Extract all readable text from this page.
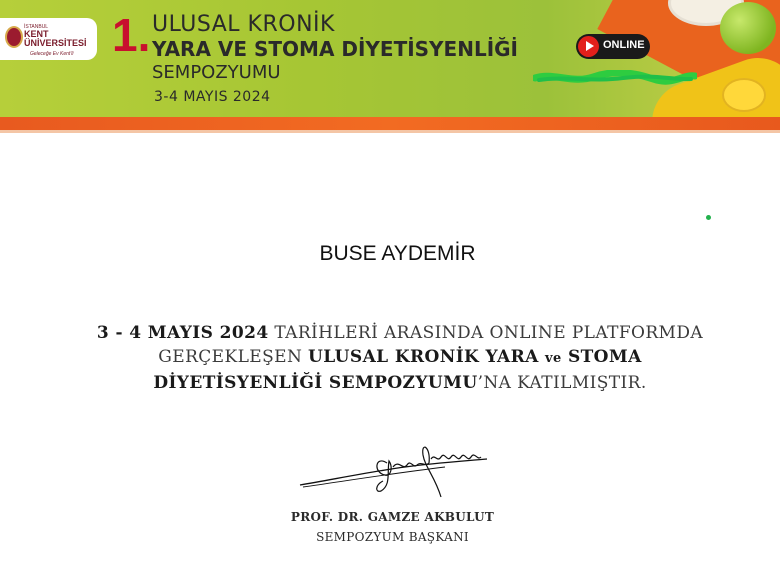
İSTANBUL
KENT
ÜNİVERSİTESİ
Geleceğe Ev Kent'li 1. ULUSAL KRONİK
YARA VE STOMA DİYETİSYENLİĞİ
SEMPOZYUMU
3-4 MAYIS 2024
ONLINE
BUSE AYDEMİR
3 - 4 MAYIS 2024 TARİHLERİ ARASINDA ONLINE PLATFORMDA
GERÇEKLEŞEN ULUSAL KRONİK YARA ve STOMA
DİYETİSYENLİĞİ SEMPOZYUMU’NA KATILMIŞTIR.
PROF. DR. GAMZE AKBULUT
SEMPOZYUM BAŞKANI
